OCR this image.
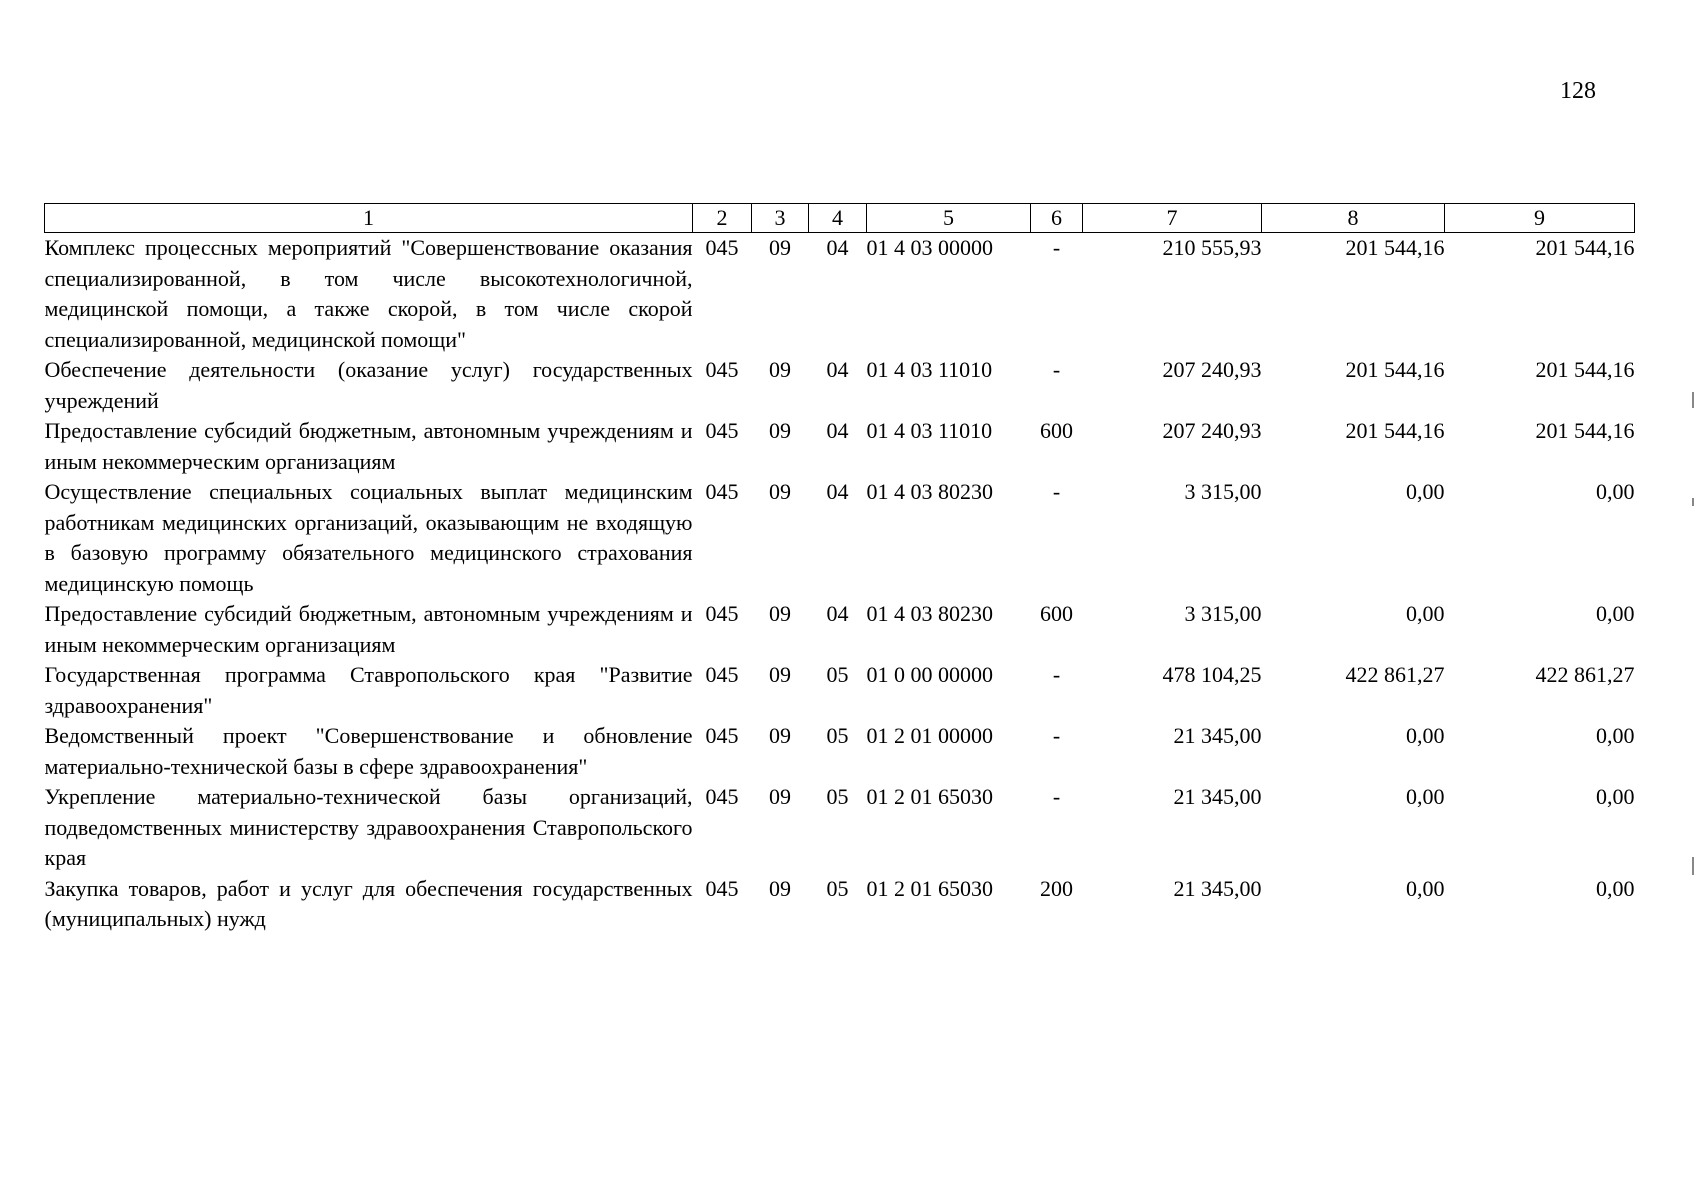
128
1	2	3	4	5	6	7	8	9
Комплекс процессных мероприятий "Совершенствование оказания специализированной, в том числе высокотехнологичной, медицинской помощи, а также скорой, в том числе скорой специализированной, медицинской помощи"	045	09	04	01 4 03 00000	-	210 555,93	201 544,16	201 544,16
Обеспечение деятельности (оказание услуг) государственных учреждений	045	09	04	01 4 03 11010	-	207 240,93	201 544,16	201 544,16
Предоставление субсидий бюджетным, автономным учреждениям и иным некоммерческим организациям	045	09	04	01 4 03 11010	600	207 240,93	201 544,16	201 544,16
Осуществление специальных социальных выплат медицинским работникам медицинских организаций, оказывающим не входящую в базовую программу обязательного медицинского страхования медицинскую помощь	045	09	04	01 4 03 80230	-	3 315,00	0,00	0,00
Предоставление субсидий бюджетным, автономным учреждениям и иным некоммерческим организациям	045	09	04	01 4 03 80230	600	3 315,00	0,00	0,00
Государственная программа Ставропольского края "Развитие здравоохранения"	045	09	05	01 0 00 00000	-	478 104,25	422 861,27	422 861,27
Ведомственный проект "Совершенствование и обновление материально-технической базы в сфере здравоохранения"	045	09	05	01 2 01 00000	-	21 345,00	0,00	0,00
Укрепление материально-технической базы организаций, подведомственных министерству здравоохранения Ставропольского края	045	09	05	01 2 01 65030	-	21 345,00	0,00	0,00
Закупка товаров, работ и услуг для обеспечения государственных (муниципальных) нужд	045	09	05	01 2 01 65030	200	21 345,00	0,00	0,00
